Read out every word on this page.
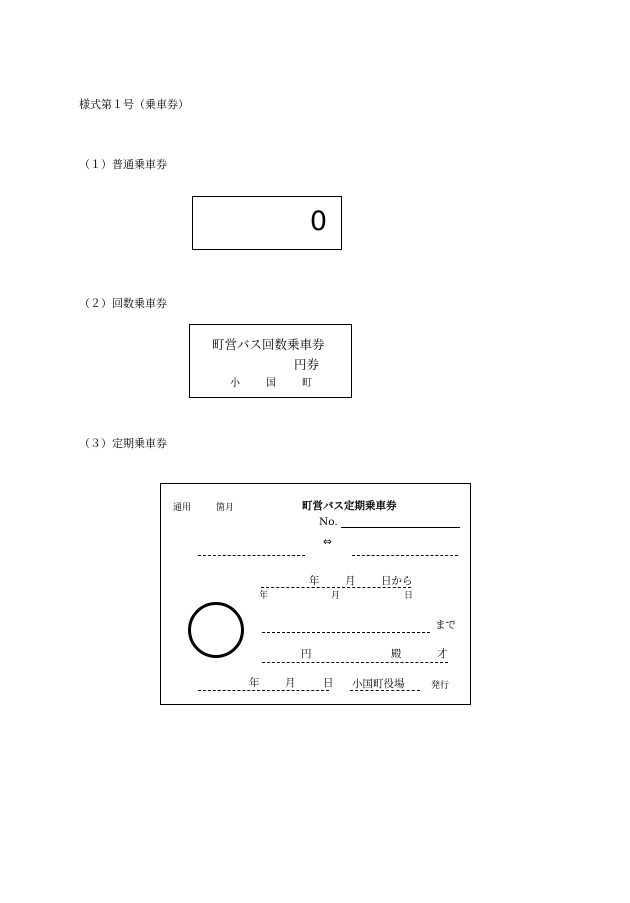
様式第１号（乗車券）
（１）普通乗車券
0
（２）回数乗車券
町営バス回数乗車券
円券
小	国	町
（３）定期乗車券
通用	箇月	町営バス定期乗車券
No.
⇔
年 月 日から
年	月	日
まで
円	殿	才
年 月	日 小国町役場	発行
